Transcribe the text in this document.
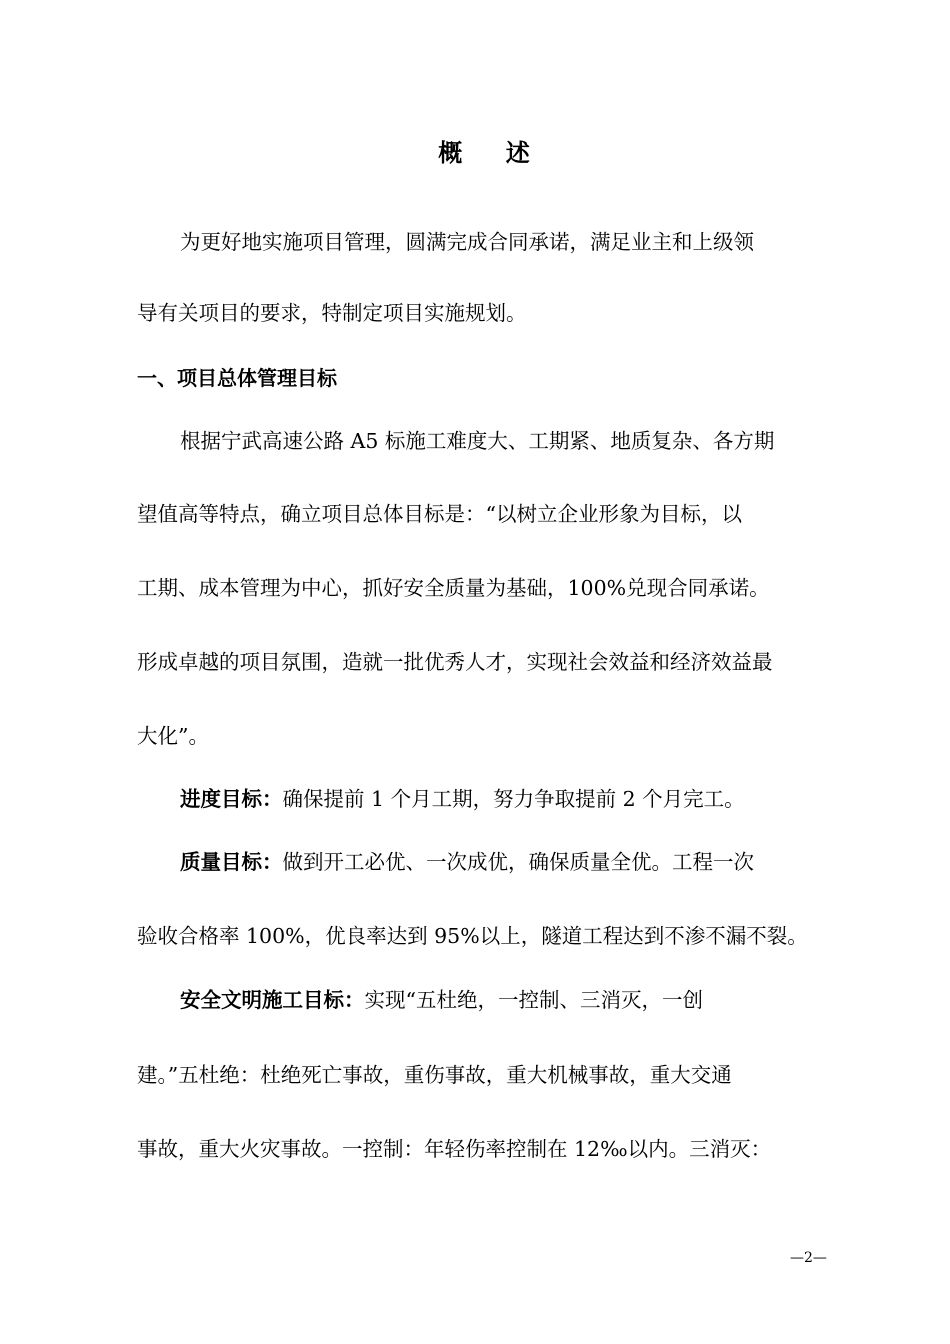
概    述
为更好地实施项目管理，圆满完成合同承诺，满足业主和上级领
导有关项目的要求，特制定项目实施规划。
一、项目总体管理目标
根据宁武高速公路 A5 标施工难度大、工期紧、地质复杂、各方期
望值高等特点，确立项目总体目标是：“以树立企业形象为目标，以
工期、成本管理为中心，抓好安全质量为基础，100%兑现合同承诺。
形成卓越的项目氛围，造就一批优秀人才，实现社会效益和经济效益最
大化”。
进度目标：确保提前 1 个月工期，努力争取提前 2 个月完工。
质量目标：做到开工必优、一次成优，确保质量全优。工程一次
验收合格率 100%，优良率达到 95%以上，隧道工程达到不渗不漏不裂。
安全文明施工目标：实现“五杜绝，一控制、三消灭，一创
建。”五杜绝：杜绝死亡事故，重伤事故，重大机械事故，重大交通
事故，重大火灾事故。一控制：年轻伤率控制在 12‰以内。三消灭：
—2—
